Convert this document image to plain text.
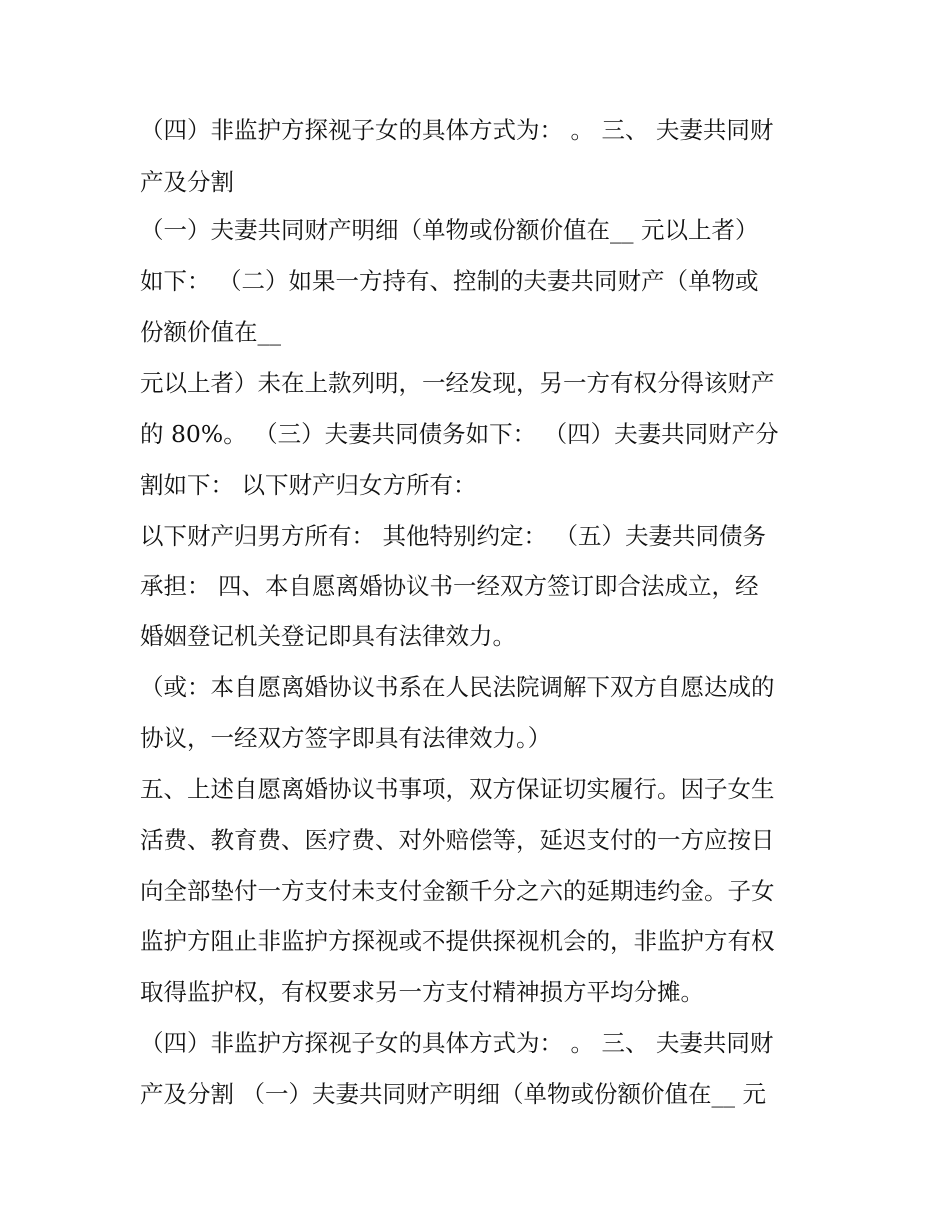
（四）非监护方探视子女的具体方式为： 。 三、 夫妻共同财

产及分割

（一）夫妻共同财产明细（单物或份额价值在__ 元以上者）

如下： （二）如果一方持有、控制的夫妻共同财产（单物或

份额价值在__

元以上者）未在上款列明，一经发现，另一方有权分得该财产

的 80%。 （三）夫妻共同债务如下： （四）夫妻共同财产分

割如下： 以下财产归女方所有：

以下财产归男方所有： 其他特别约定： （五）夫妻共同债务

承担： 四、本自愿离婚协议书一经双方签订即合法成立，经

婚姻登记机关登记即具有法律效力。

（或：本自愿离婚协议书系在人民法院调解下双方自愿达成的

协议，一经双方签字即具有法律效力。）

五、上述自愿离婚协议书事项，双方保证切实履行。因子女生

活费、教育费、医疗费、对外赔偿等，延迟支付的一方应按日

向全部垫付一方支付未支付金额千分之六的延期违约金。子女

监护方阻止非监护方探视或不提供探视机会的，非监护方有权

取得监护权，有权要求另一方支付精神损方平均分摊。

（四）非监护方探视子女的具体方式为： 。 三、 夫妻共同财

产及分割 （一）夫妻共同财产明细（单物或份额价值在__ 元
